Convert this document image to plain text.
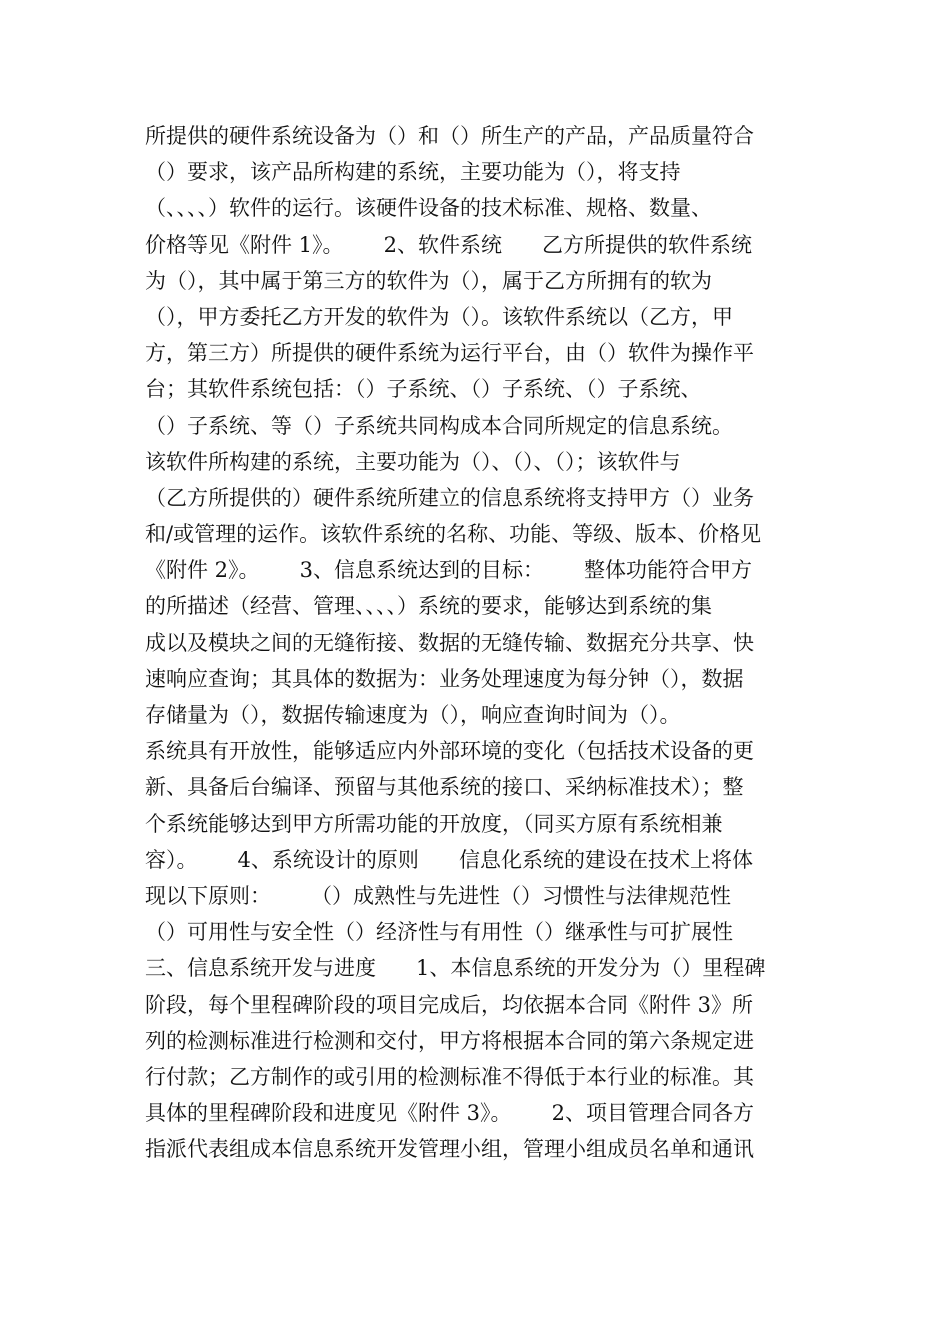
所提供的硬件系统设备为（）和（）所生产的产品，产品质量符合
（）要求，该产品所构建的系统，主要功能为（），将支持
（、、、、）软件的运行。该硬件设备的技术标准、规格、数量、
价格等见《附件 1》。      2、软件系统      乙方所提供的软件系统
为（），其中属于第三方的软件为（），属于乙方所拥有的软为
（），甲方委托乙方开发的软件为（）。该软件系统以（乙方，甲
方，第三方）所提供的硬件系统为运行平台，由（）软件为操作平
台；其软件系统包括：（）子系统、（）子系统、（）子系统、
（）子系统、等（）子系统共同构成本合同所规定的信息系统。
该软件所构建的系统，主要功能为（）、（）、（）；该软件与
（乙方所提供的）硬件系统所建立的信息系统将支持甲方（）业务
和/或管理的运作。该软件系统的名称、功能、等级、版本、价格见
《附件 2》。      3、信息系统达到的目标：      整体功能符合甲方
的所描述（经营、管理、、、、）系统的要求，能够达到系统的集
成以及模块之间的无缝衔接、数据的无缝传输、数据充分共享、快
速响应查询；其具体的数据为：业务处理速度为每分钟（），数据
存储量为（），数据传输速度为（），响应查询时间为（）。
系统具有开放性，能够适应内外部环境的变化（包括技术设备的更
新、具备后台编译、预留与其他系统的接口、采纳标准技术）；整
个系统能够达到甲方所需功能的开放度，（同买方原有系统相兼
容）。      4、系统设计的原则      信息化系统的建设在技术上将体
现以下原则：      （）成熟性与先进性（）习惯性与法律规范性
（）可用性与安全性（）经济性与有用性（）继承性与可扩展性
三、信息系统开发与进度      1、本信息系统的开发分为（）里程碑
阶段，每个里程碑阶段的项目完成后，均依据本合同《附件 3》所
列的检测标准进行检测和交付，甲方将根据本合同的第六条规定进
行付款；乙方制作的或引用的检测标准不得低于本行业的标准。其
具体的里程碑阶段和进度见《附件 3》。      2、项目管理合同各方
指派代表组成本信息系统开发管理小组，管理小组成员名单和通讯
